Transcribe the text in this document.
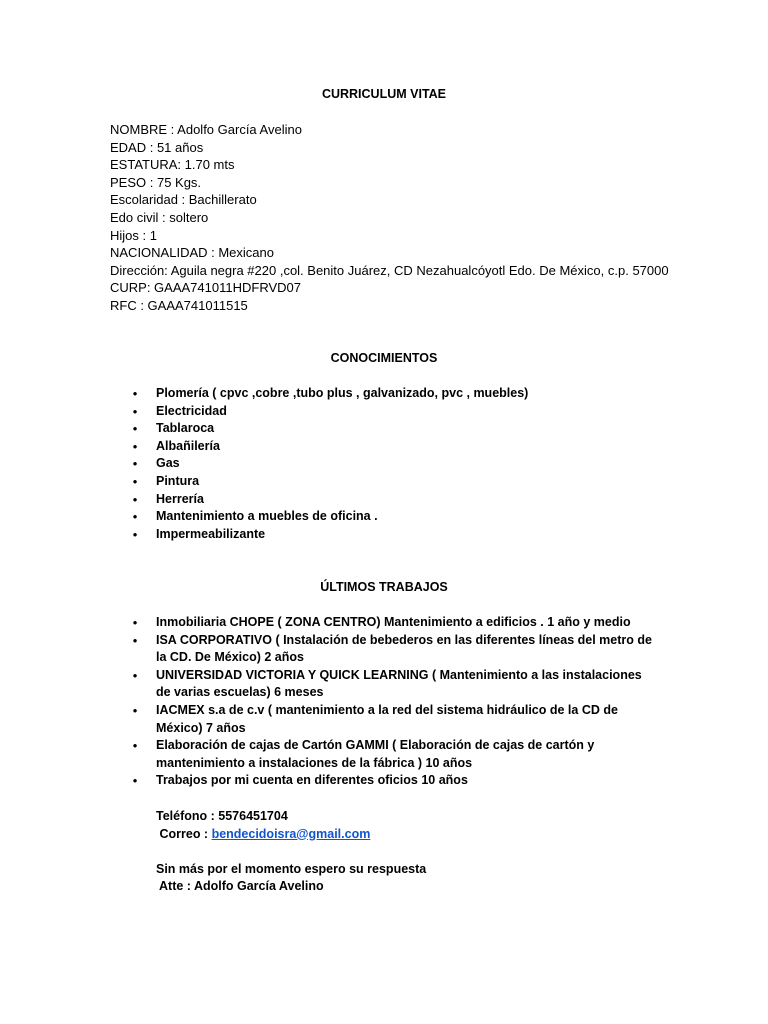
CURRICULUM VITAE
NOMBRE : Adolfo García Avelino
EDAD : 51 años
ESTATURA: 1.70 mts
PESO : 75 Kgs.
Escolaridad : Bachillerato
Edo civil : soltero
Hijos : 1
NACIONALIDAD : Mexicano
Dirección: Aguila negra #220 ,col. Benito Juárez, CD Nezahualcóyotl Edo. De México, c.p. 57000
CURP: GAAA741011HDFRVD07
RFC : GAAA741011515
CONOCIMIENTOS
• Plomería ( cpvc ,cobre ,tubo plus , galvanizado, pvc , muebles)
• Electricidad
• Tablaroca
• Albañilería
• Gas
• Pintura
• Herrería
• Mantenimiento a muebles de oficina .
• Impermeabilizante
ÚLTIMOS TRABAJOS
• Inmobiliaria CHOPE ( ZONA CENTRO) Mantenimiento a edificios . 1 año y medio
• ISA CORPORATIVO ( Instalación de bebederos en las diferentes líneas del metro de la CD. De México) 2 años
• UNIVERSIDAD VICTORIA Y QUICK LEARNING ( Mantenimiento a las instalaciones de varias escuelas) 6 meses
• IACMEX s.a de c.v ( mantenimiento a la red del sistema hidráulico de la CD de México) 7 años
• Elaboración de cajas de Cartón GAMMI ( Elaboración de cajas de cartón y mantenimiento a instalaciones de la fábrica ) 10 años
• Trabajos por mi cuenta en diferentes oficios 10 años
Teléfono : 5576451704
Correo : bendecidoisra@gmail.com
Sin más por el momento espero su respuesta
Atte : Adolfo García Avelino
